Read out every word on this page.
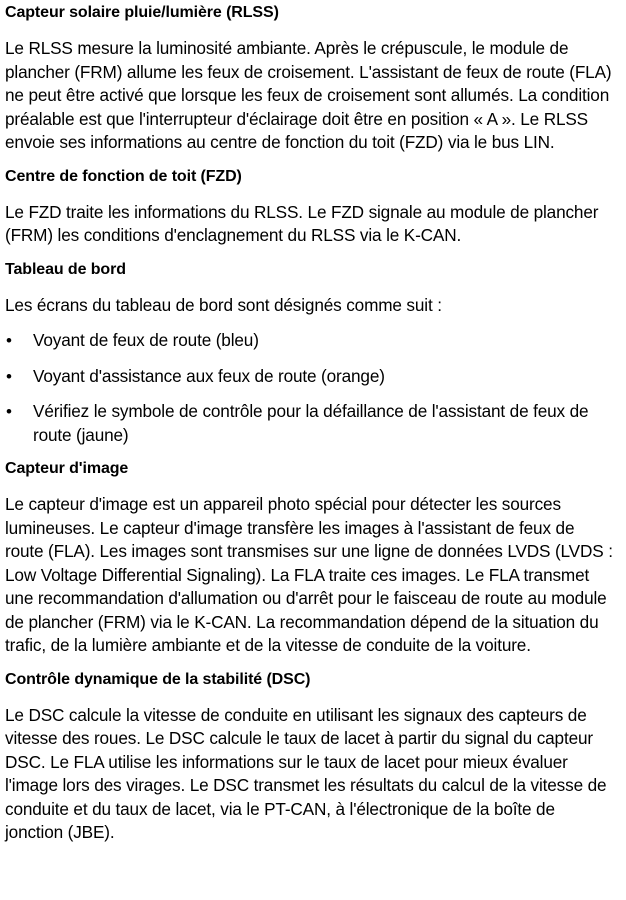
Capteur solaire pluie/lumière (RLSS)

Le RLSS mesure la luminosité ambiante. Après le crépuscule, le module de plancher (FRM) allume les feux de croisement. L'assistant de feux de route (FLA) ne peut être activé que lorsque les feux de croisement sont allumés. La condition préalable est que l'interrupteur d'éclairage doit être en position « A ». Le RLSS envoie ses informations au centre de fonction du toit (FZD) via le bus LIN.

Centre de fonction de toit (FZD)

Le FZD traite les informations du RLSS. Le FZD signale au module de plancher (FRM) les conditions d'enclagnement du RLSS via le K-CAN.

Tableau de bord

Les écrans du tableau de bord sont désignés comme suit :

• Voyant de feux de route (bleu)
• Voyant d'assistance aux feux de route (orange)
• Vérifiez le symbole de contrôle pour la défaillance de l'assistant de feux de route (jaune)
Capteur d'image

Le capteur d'image est un appareil photo spécial pour détecter les sources lumineuses. Le capteur d'image transfère les images à l'assistant de feux de route (FLA). Les images sont transmises sur une ligne de données LVDS (LVDS : Low Voltage Differential Signaling). La FLA traite ces images. Le FLA transmet une recommandation d'allumation ou d'arrêt pour le faisceau de route au module de plancher (FRM) via le K-CAN. La recommandation dépend de la situation du trafic, de la lumière ambiante et de la vitesse de conduite de la voiture.

Contrôle dynamique de la stabilité (DSC)

Le DSC calcule la vitesse de conduite en utilisant les signaux des capteurs de vitesse des roues. Le DSC calcule le taux de lacet à partir du signal du capteur DSC. Le FLA utilise les informations sur le taux de lacet pour mieux évaluer l'image lors des virages. Le DSC transmet les résultats du calcul de la vitesse de conduite et du taux de lacet, via le PT-CAN, à l'électronique de la boîte de jonction (JBE).
